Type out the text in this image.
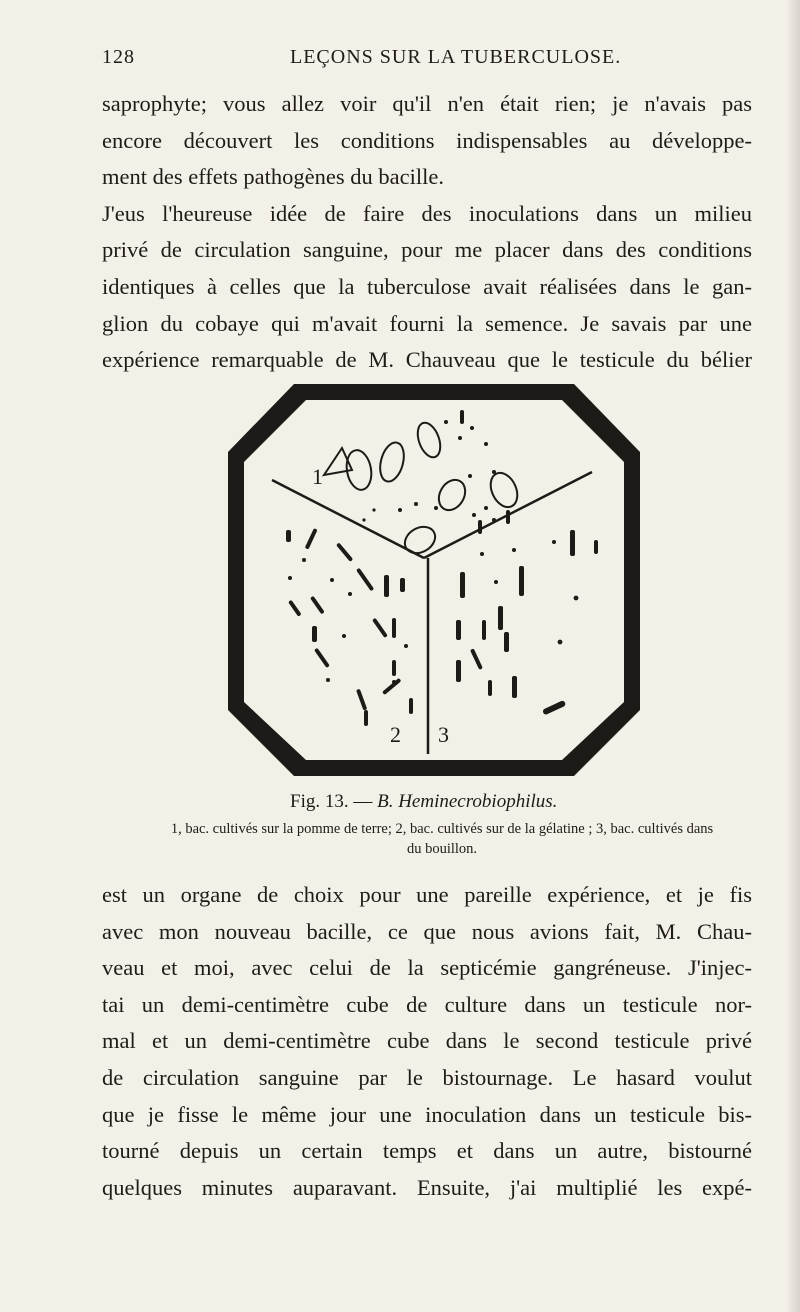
128	LEÇONS SUR LA TUBERCULOSE.
saprophyte; vous allez voir qu'il n'en était rien; je n'avais pas
encore découvert les conditions indispensables au développe-
ment des effets pathogènes du bacille.
J'eus l'heureuse idée de faire des inoculations dans un milieu
privé de circulation sanguine, pour me placer dans des conditions
identiques à celles que la tuberculose avait réalisées dans le gan-
glion du cobaye qui m'avait fourni la semence. Je savais par une
expérience remarquable de M. Chauveau que le testicule du bélier
1
2 3
Fig. 13. — B. Heminecrobiophilus.
1, bac. cultivés sur la pomme de terre; 2, bac. cultivés sur de la gélatine ; 3, bac. cultivés dans
du bouillon.
est un organe de choix pour une pareille expérience, et je fis
avec mon nouveau bacille, ce que nous avions fait, M. Chau-
veau et moi, avec celui de la septicémie gangréneuse. J'injec-
tai un demi-centimètre cube de culture dans un testicule nor-
mal et un demi-centimètre cube dans le second testicule privé
de circulation sanguine par le bistournage. Le hasard voulut
que je fisse le même jour une inoculation dans un testicule bis-
tourné depuis un certain temps et dans un autre, bistourné
quelques minutes auparavant. Ensuite, j'ai multiplié les expé-
